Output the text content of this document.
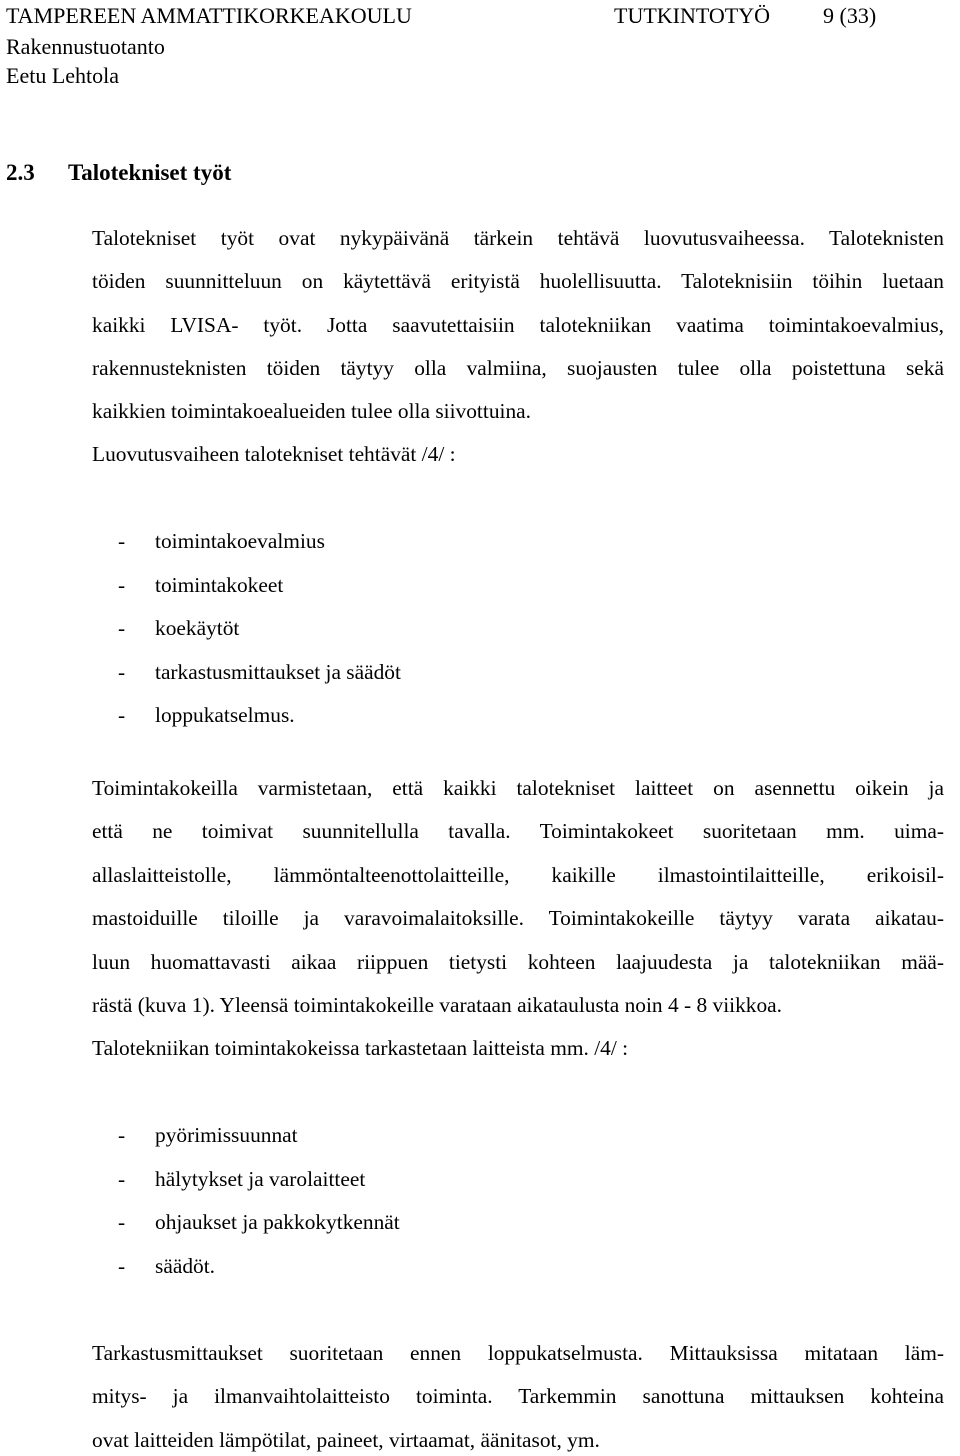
TAMPEREEN AMMATTIKORKEAKOULU	TUTKINTOTYÖ 9 (33)
Rakennustuotanto
Eetu Lehtola
2.3 Talotekniset työt
Talotekniset työt ovat nykypäivänä tärkein tehtävä luovutusvaiheessa. Taloteknisten
töiden suunnitteluun on käytettävä erityistä huolellisuutta. Taloteknisiin töihin luetaan
kaikki LVISA- työt. Jotta saavutettaisiin talotekniikan vaatima toimintakoevalmius,
rakennusteknisten töiden täytyy olla valmiina, suojausten tulee olla poistettuna sekä
kaikkien toimintakoealueiden tulee olla siivottuina.
Luovutusvaiheen talotekniset tehtävät /4/ :
- toimintakoevalmius
- toimintakokeet
- koekäytöt
- tarkastusmittaukset ja säädöt
- loppukatselmus.
Toimintakokeilla varmistetaan, että kaikki talotekniset laitteet on asennettu oikein ja
että ne toimivat suunnitellulla tavalla. Toimintakokeet suoritetaan mm. uima-
allaslaitteistolle, lämmöntalteenottolaitteille, kaikille ilmastointilaitteille, erikoisil-
mastoiduille tiloille ja varavoimalaitoksille. Toimintakokeille täytyy varata aikatau-
luun huomattavasti aikaa riippuen tietysti kohteen laajuudesta ja talotekniikan mää-
rästä (kuva 1). Yleensä toimintakokeille varataan aikataulusta noin 4 - 8 viikkoa.
Talotekniikan toimintakokeissa tarkastetaan laitteista mm. /4/ :
- pyörimissuunnat
- hälytykset ja varolaitteet
- ohjaukset ja pakkokytkennät
- säädöt.
Tarkastusmittaukset suoritetaan ennen loppukatselmusta. Mittauksissa mitataan läm-
mitys- ja ilmanvaihtolaitteisto toiminta. Tarkemmin sanottuna mittauksen kohteina
ovat laitteiden lämpötilat, paineet, virtaamat, äänitasot, ym.
